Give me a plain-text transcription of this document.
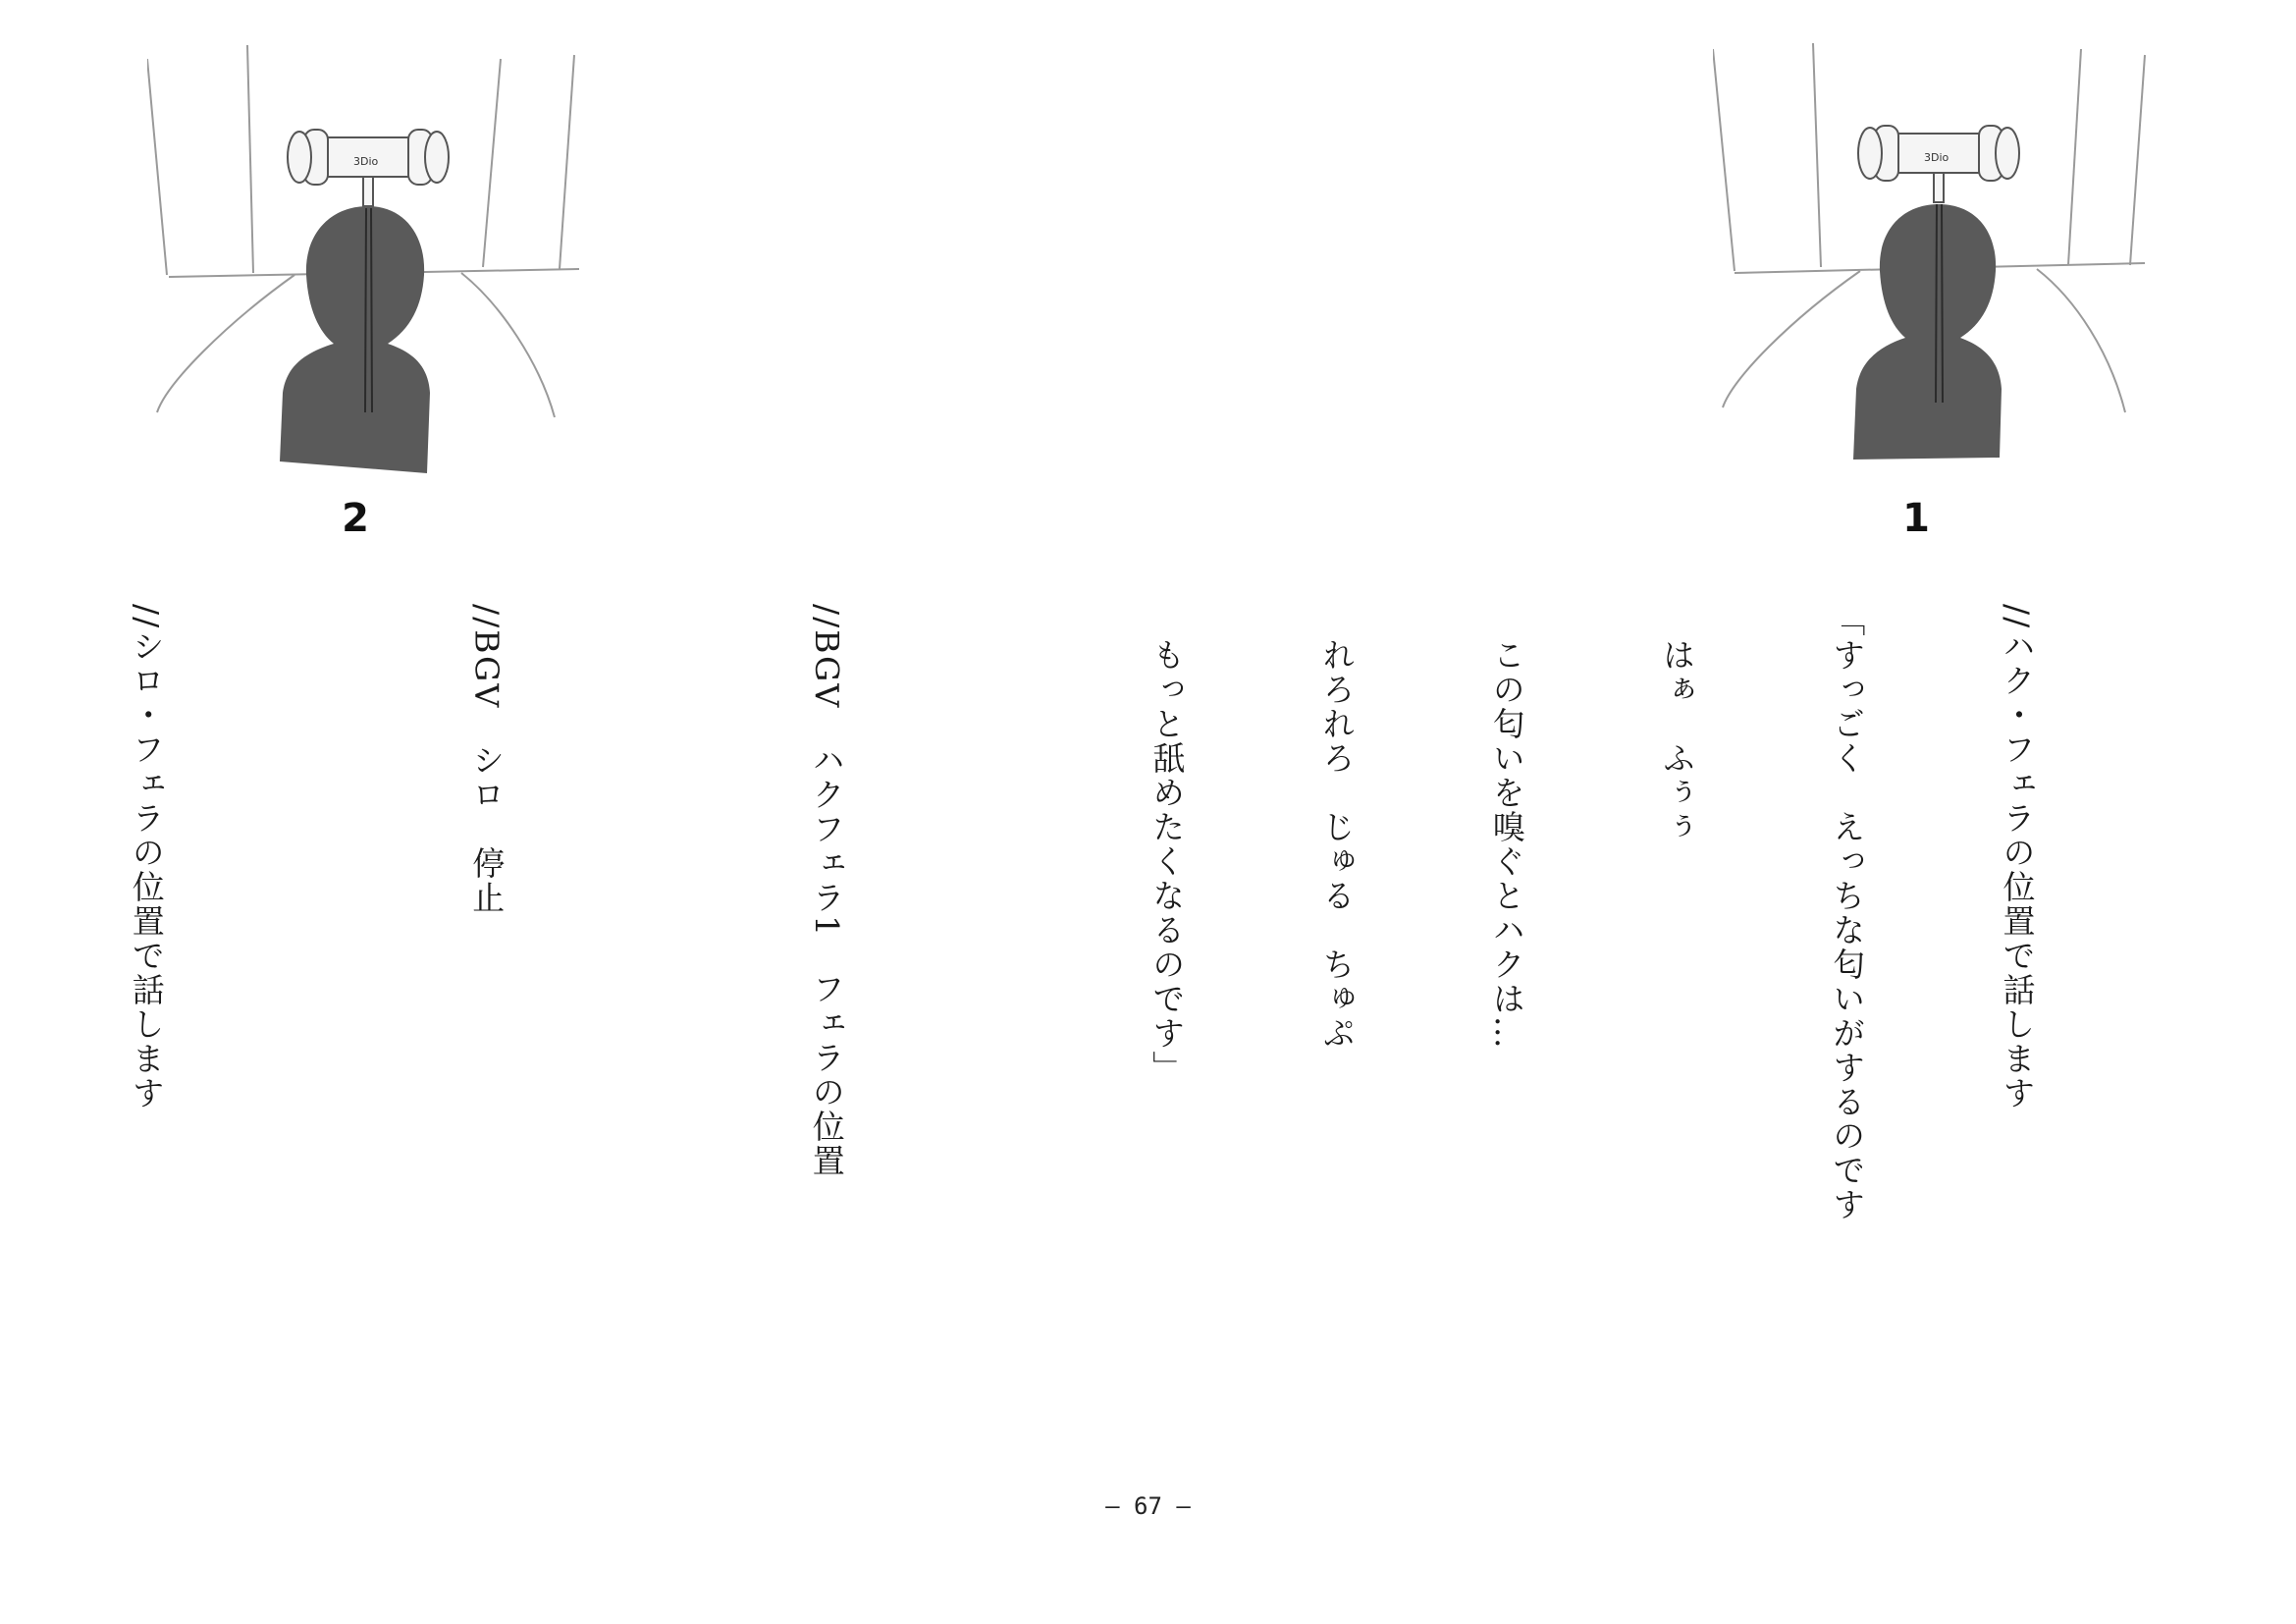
3Dio
2
3Dio
1

//ハク・フェラの位置で話します

「すっごく　えっちな匂いがするのです

　はぁ　ふぅぅ

　この匂いを嗅ぐとハクは…

　れろれろ　じゅる　ちゅぷ

　もっと舐めたくなるのです」

//BGV　ハクフェラ1　フェラの位置

//BGV　シロ　停止

//シロ・フェラの位置で話します

― 67 ―
